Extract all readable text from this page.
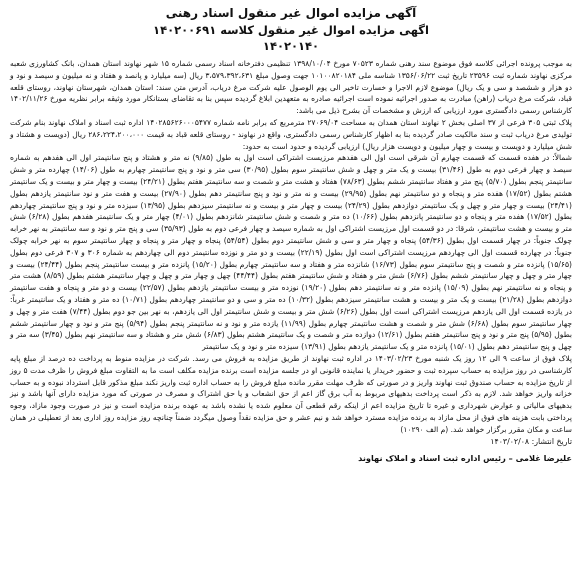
آگهی مزایده اموال غیر منقول اسناد رهنی
اگهی مزایده اموال غیر منقول کلاسه ۱۴۰۲۰۰۶۹۱
۱۴۰۲۰۱۴۰

به موجب پرونده اجرائی کلاسه فوق موضوع سند رهنی شماره ۷۰۵۲۳ مورخ ۱۳۹۸/۱۰/۰۴ تنظیمی دفترخانه اسناد رسمی شماره ۱۵ شهر نهاوند استان همدان، بانک کشاورزی شعبه مرکزی نهاوند شماره ثبت ۲۳۵۹۶ تاریخ ثبت ۱۳۵۶/۰۶/۲۲ شناسه ملی ۱۰۱۰۰۸۲۰۱۸۴ جهت وصول مبلغ ۳،۵۷۹،۳۹۲،۶۳۱ ریال (سه میلیارد و پانصد و هفتاد و نه میلیون و سیصد و نود و دو هزار و ششصد و سی و یک ریال) موضوع لازم الاجرا و خسارت تاخیر الی یوم الوصول علیه شرکت مرغ دریاب، آدرس متن سند: استان همدان، شهرستان نهاوند، روستای قلعه قباد، شرکت مرغ دریاب (راهن) مبادرت به صدور اجرائیه نموده است اجرائیه صادره به متعهدین ابلاغ گردیده سپس بنا به تقاضای بستانکار مورد وثیقه برابر نظریه مورخ ۱۴۰۲/۱۱/۲۶ کارشناس رسمی دادگستری مورد ارزیابی که ارزش و مشخصات آن بشرح ذیل می باشد:

پلاک ثبتی ۳۰۵ فرعی از ۳۷ اصلی بخش ۲ نهاوند استان همدان به مساحت ۲۷۰۶۹/۰۴ مترمربع که برابر نامه شماره ۱۴۰۲۸۵۶۲۶۰۰۰۵۴۷۷ اداره ثبت اسناد و املاک نهاوند بنام شرکت تولیدی مرغ دریاب ثبت و سند مالکیت صادر گردیده بنا به اظهار کارشناس رسمی دادگستری، واقع در نهاوند - روستای قلعه قباد به قیمت ۲۸۶،۲۲۴،۲۰۰،۰۰۰ ریال (دویست و هشتاد و شش میلیارد و دویست و بیست و چهار میلیون و دویست هزار ریال) ارزیابی گردیده و حدود است به حدود:

شمالاً: در هفده قسمت که قسمت چهارم آن شرقی است اول الی هفدهم مرزیست اشتراکی است اول به طول (۹/۸۵) نه متر و هشتاد و پنج سانتیمتر اول الی هفدهم به شماره سیصد و چهار فرعی دوم به طول (۳۱/۴۶) بیست و یک متر و چهل و شش سانتیمتر سوم بطول (۳۰/۹۵) سی متر و نود و پنج سانتیمتر چهارم به طول (۱۴/۰۶) چهارده متر و شش سانتیمتر پنجم بطول (۵/۷۰) پنج متر و هفتاد سانتیمتر ششم بطول (۷۸/۶۳) هفتاد و هشت متر و شصت و سه سانتیمتر هفتم بطول (۲۴/۲۱) بیست و چهار متر و بیست و یک سانتیمتر هشتم بطول (۱۷/۵۲) هفده متر و پنجاه و دو سانتیمتر نهم بطول (۲۹/۹۵) بیست و نه متر و نود و پنج سانتیمتر دهم بطول (۲۷/۹۰) بیست و هفت متر و نود سانتیمتر یازدهم بطول (۲۴/۴۱) بیست و چهار متر و چهل و یک سانتیمتر دوازدهم بطول (۲۴/۲۹) بیست و چهار متر و بیست و نه سانتیمتر سیزدهم بطول (۱۳/۹۵) سیزده متر و نود و پنج سانتیمتر چهاردهم بطول (۱۷/۵۲) هفده متر و پنجاه و دو سانتیمتر پانزدهم بطول (۱۰/۶۶) ده متر و شصت و شش سانتیمتر شانزدهم بطول (۴/۰۱) چهار متر و یک سانتیمتر هفدهم بطول (۶/۲۸) شش متر و بیست و هشت سانتیمتر، شرقا: در دو قسمت اول مرزیست اشتراکی اول به شماره سیصد و چهار فرعی دوم به طول (۳۵/۹۳) سی و پنج متر و نود و سه سانتیمتر به نهر خرابه چولک جنوباً: در چهار قسمت اول بطول (۵۴/۳۶) پنجاه و چهار متر و سی و شش سانتیمتر دوم بطول (۵۴/۵۴) پنجاه و چهار متر و پنجاه و چهار سانتیمتر سوم به نهر خرابه چولک جنوباً: در چهارده قسمت اول الی چهاردهم مرزیست اشتراکی است اول بطول (۲۲/۱۹) بیست و دو متر و نوزده سانتیمتر دوم الی چهاردهم به شماره ۳۰۶ و ۳۰۷ فرعی دوم بطول (۱۵/۶۵) پانزده متر و شصت و پنج سانتیمتر سوم بطول (۱۶/۷۳) شانزده متر و هفتاد و سه سانتیمتر چهارم بطول (۱۵/۲۰) پانزده متر و بیست سانتیمتر پنجم بطول (۲۴/۴۴) بیست و چهار متر و چهل و چهار سانتیمتر ششم بطول (۶/۷۶) شش متر و هفتاد و شش سانتیمتر هفتم بطول (۴۴/۴۴) چهل و چهار متر و چهل و چهار سانتیمتر هشتم بطول (۸/۵۹) هشت متر و پنجاه و نه سانتیمتر نهم بطول (۱۵/۰۹) پانزده متر و نه سانتیمتر دهم بطول (۱۹/۲۰) نوزده متر و بیست سانتیمتر یازدهم بطول (۲۲/۵۷) بیست و دو متر و پنجاه و هفت سانتیمتر دوازدهم بطول (۲۱/۲۸) بیست و یک متر و بیست و هشت سانتیمتر سیزدهم بطول (۱۰/۳۲) ده متر و سی و دو سانتیمتر چهاردهم بطول (۱۰/۷۱) ده متر و هفتاد و یک سانتیمتر غرباً: در یازده قسمت اول الی یازدهم مرزیست اشتراکی است اول بطول (۶/۲۶) شش متر و بیست و شش سانتیمتر اول الی یازدهم، به نهر بین جو دوم بطول (۷/۴۴) هفت متر و چهل و چهار سانتیمتر سوم بطول (۶/۶۸) شش متر و شصت و هشت سانتیمتر چهارم بطول (۱۱/۹۹) یازده متر و نود و نه سانتیمتر پنجم بطول (۵/۹۴) پنج متر و نود و چهار سانتیمتر ششم بطول (۵/۹۵) پنج متر و نود و پنج سانتیمتر هفتم بطول (۱۲/۶۱) دوازده متر و شصت و یک سانتیمتر هشتم بطول (۶/۸۳) شش متر و هشتاد و سه سانتیمتر نهم بطول (۳/۴۵) سه متر و چهل و پنج سانتیمتر دهم بطول (۱۵/۰۱) پانزده متر و یک سانتیمتر یازدهم بطول (۱۳/۹۱) سیزده متر و نود و یک سانتیمتر

پلاک فوق از ساعت ۹ الی ۱۲ روز یک شنبه مورخ ۱۴۰۳/۰۲/۲۳ در اداره ثبت نهاوند از طریق مزایده به فروش می رسد. شرکت در مزایده منوط به پرداخت ده درصد از مبلغ پایه کارشناسی در روز مزایده به حساب سپرده ثبت و حضور خریدار یا نماینده قانونی او در جلسه مزایده است برنده مزایده مکلف است ما به التفاوت مبلغ فروش را ظرف مدت ۵ روز از تاریخ مزایده به حساب صندوق ثبت نهاوند واریز و در صورتی که ظرف مهلت مقرر مانده مبلغ فروش را به حساب اداره ثبت واریز نکند مبلغ مذکور قابل استرداد نبوده و به حساب خزانه واریز خواهد شد. لازم به ذکر است پرداخت بدهیهای مربوط به آب برق گاز اعم از حق انشعاب و یا حق اشتراک و مصرف در صورتی که مورد مزایده دارای آنها باشد و نیز بدهیهای مالیاتی و عوارض شهرداری و غیره تا تاریخ مزایده اعم از اینکه رقم قطعی آن معلوم شده یا نشده باشد به عهده برنده مزایده است و نیز در صورت وجود مازاد، وجوه پرداختی بابت هزینه های فوق از محل مازاد به برنده مزایده مسترد خواهد شد و نیم عشر و حق مزایده نقداً وصول میگردد ضمناً چنانچه روز مزایده روز اداری بعد از تعطیلی در همان ساعت و مکان مقرر برگزار خواهد شد. (م الف ۱۰۲۹۰)

تاریخ انتشار: ۱۴۰۳/۰۲/۰۸
علیرضا غلامی – رئیس اداره ثبت اسناد و املاک نهاوند
